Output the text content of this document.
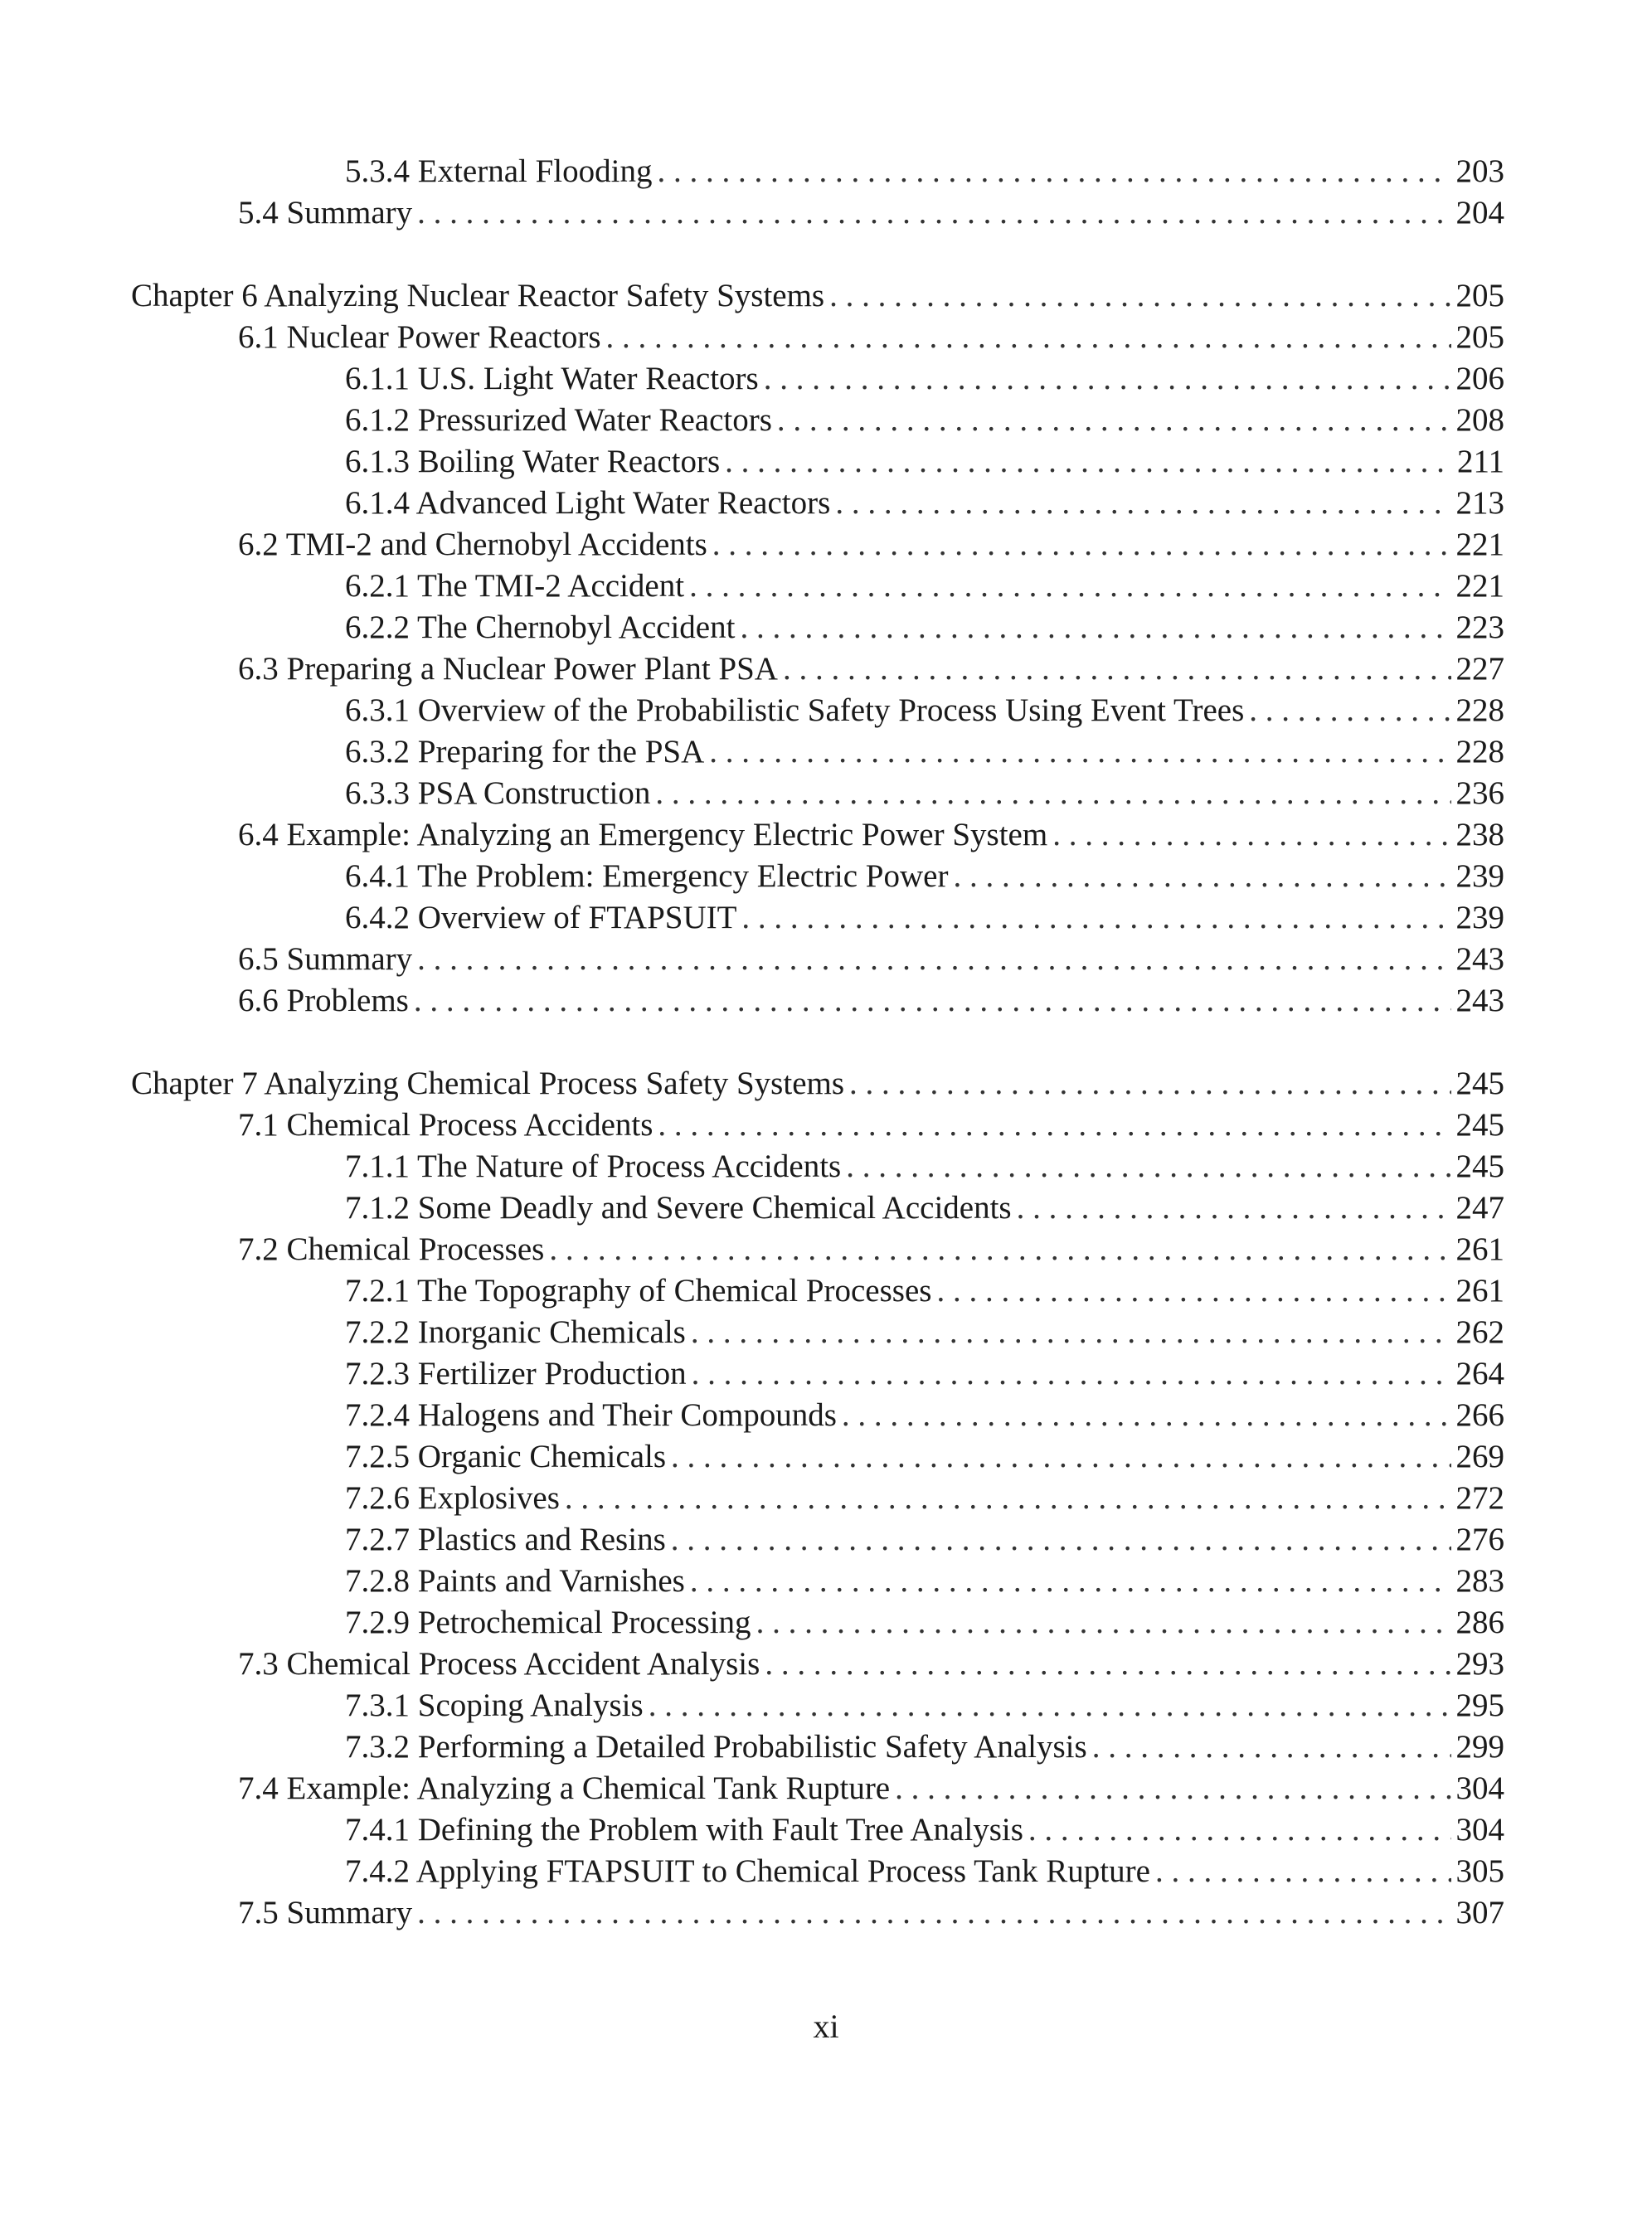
5.3.4 External Flooding . . .	203
5.4 Summary . . .	204
Chapter 6 Analyzing Nuclear Reactor Safety Systems . . .	205
6.1 Nuclear Power Reactors . . .	205
6.1.1 U.S. Light Water Reactors . . .	206
6.1.2 Pressurized Water Reactors . . .	208
6.1.3 Boiling Water Reactors . . .	211
6.1.4 Advanced Light Water Reactors . . .	213
6.2 TMI-2 and Chernobyl Accidents . . .	221
6.2.1 The TMI-2 Accident . . .	221
6.2.2 The Chernobyl Accident . . .	223
6.3 Preparing a Nuclear Power Plant PSA . . .	227
6.3.1 Overview of the Probabilistic Safety Process Using Event Trees . . .	228
6.3.2 Preparing for the PSA . . .	228
6.3.3 PSA Construction . . .	236
6.4 Example: Analyzing an Emergency Electric Power System . . .	238
6.4.1 The Problem: Emergency Electric Power . . .	239
6.4.2 Overview of FTAPSUIT . . .	239
6.5 Summary . . .	243
6.6 Problems . . .	243
Chapter 7 Analyzing Chemical Process Safety Systems . . .	245
7.1 Chemical Process Accidents . . .	245
7.1.1 The Nature of Process Accidents . . .	245
7.1.2 Some Deadly and Severe Chemical Accidents . . .	247
7.2 Chemical Processes . . .	261
7.2.1 The Topography of Chemical Processes . . .	261
7.2.2 Inorganic Chemicals . . .	262
7.2.3 Fertilizer Production . . .	264
7.2.4 Halogens and Their Compounds . . .	266
7.2.5 Organic Chemicals . . .	269
7.2.6 Explosives . . .	272
7.2.7 Plastics and Resins . . .	276
7.2.8 Paints and Varnishes . . .	283
7.2.9 Petrochemical Processing . . .	286
7.3 Chemical Process Accident Analysis . . .	293
7.3.1 Scoping Analysis . . .	295
7.3.2 Performing a Detailed Probabilistic Safety Analysis . . .	299
7.4 Example: Analyzing a Chemical Tank Rupture . . .	304
7.4.1 Defining the Problem with Fault Tree Analysis . . .	304
7.4.2 Applying FTAPSUIT to Chemical Process Tank Rupture . . .	305
7.5 Summary . . .	307
xi
